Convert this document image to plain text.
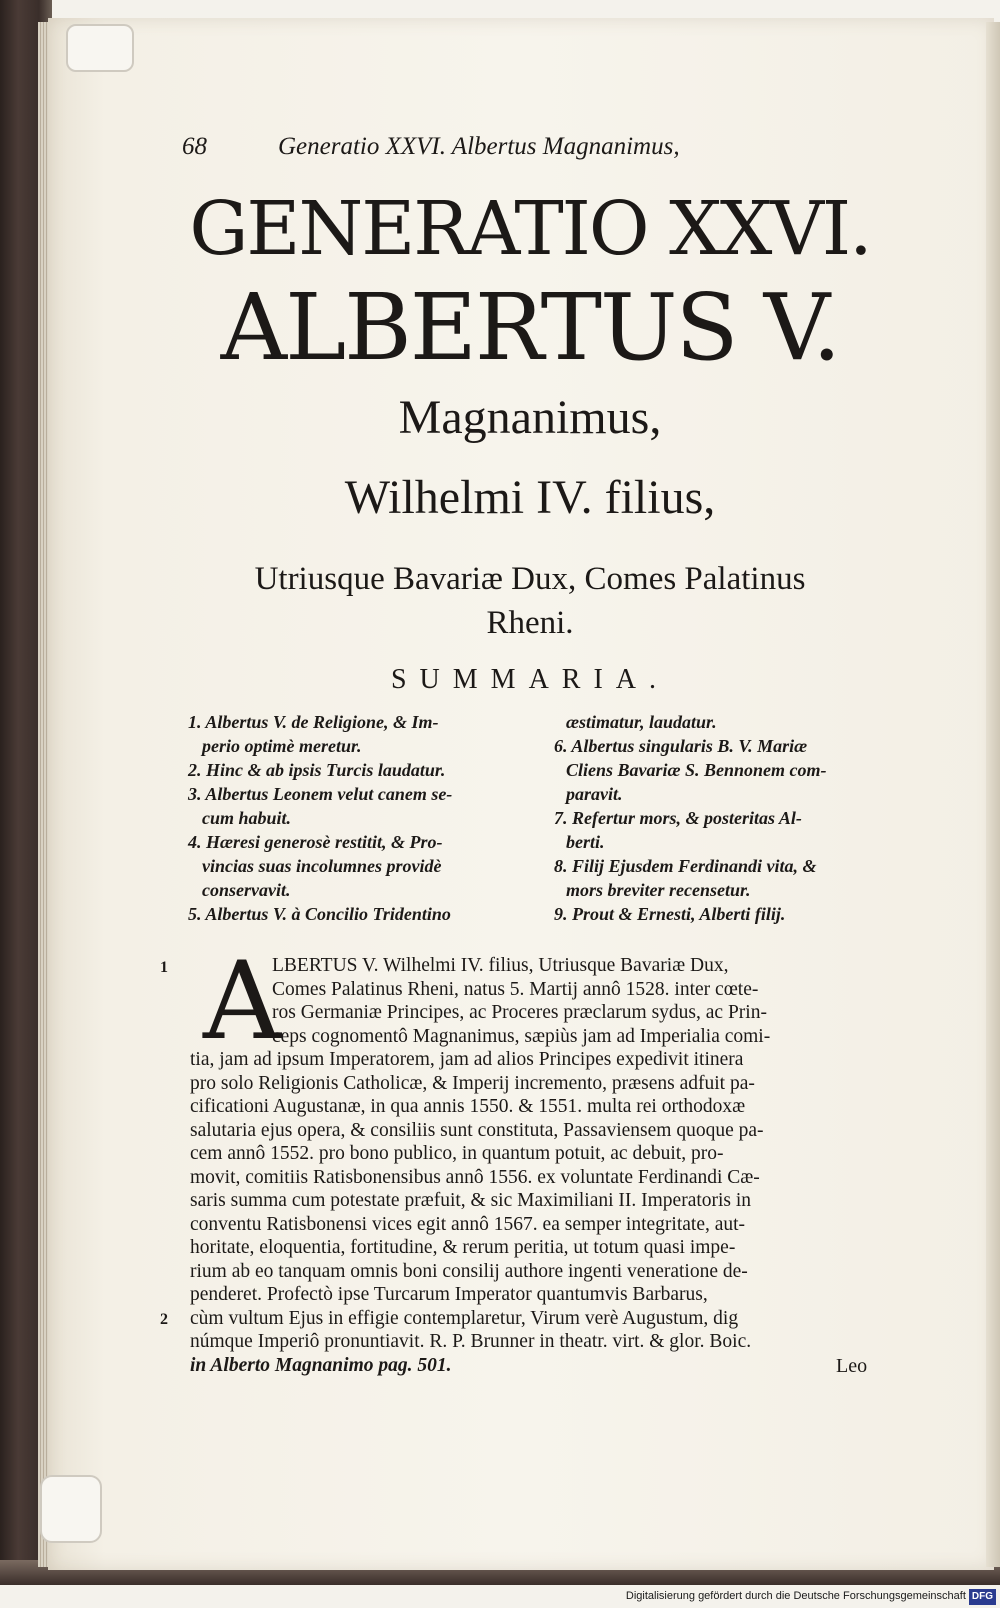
68	Generatio XXVI. Albertus Magnanimus,
GENERATIO XXVI.
ALBERTUS V.
Magnanimus,
Wilhelmi IV. filius,
Utriusque Bavariæ Dux, Comes Palatinus
Rheni.
SUMMARIA.
1. Albertus V. de Religione, & Im-
perio optimè meretur.
2. Hinc & ab ipsis Turcis laudatur.
3. Albertus Leonem velut canem se-
cum habuit.
4. Hæresi generosè restitit, & Pro-
vincias suas incolumnes providè
conservavit.
5. Albertus V. à Concilio Tridentino
æstimatur, laudatur.
6. Albertus singularis B. V. Mariæ
Cliens Bavariæ S. Bennonem com-
paravit.
7. Refertur mors, & posteritas Al-
berti.
8. Filij Ejusdem Ferdinandi vita, &
mors breviter recensetur.
9. Prout & Ernesti, Alberti filij.
1
2
A
LBERTUS V. Wilhelmi IV. filius, Utriusque Bavariæ Dux,
Comes Palatinus Rheni, natus 5. Martij annô 1528. inter cœte-
ros Germaniæ Principes, ac Proceres præclarum sydus, ac Prin-
ceps cognomentô Magnanimus, sæpiùs jam ad Imperialia comi-
tia, jam ad ipsum Imperatorem, jam ad alios Principes expedivit itinera
pro solo Religionis Catholicæ, & Imperij incremento, præsens adfuit pa-
cificationi Augustanæ, in qua annis 1550. & 1551. multa rei orthodoxæ
salutaria ejus opera, & consiliis sunt constituta, Passaviensem quoque pa-
cem annô 1552. pro bono publico, in quantum potuit, ac debuit, pro-
movit, comitiis Ratisbonensibus annô 1556. ex voluntate Ferdinandi Cæ-
saris summa cum potestate præfuit, & sic Maximiliani II. Imperatoris in
conventu Ratisbonensi vices egit annô 1567. ea semper integritate, aut-
horitate, eloquentia, fortitudine, & rerum peritia, ut totum quasi impe-
rium ab eo tanquam omnis boni consilij authore ingenti veneratione de-
penderet. Profectò ipse Turcarum Imperator quantumvis Barbarus,
cùm vultum Ejus in effigie contemplaretur, Virum verè Augustum, dig
númque Imperiô pronuntiavit. R. P. Brunner in theatr. virt. & glor. Boic.
in Alberto Magnanimo pag. 501.	Leo
Digitalisierung gefördert durch die Deutsche Forschungsgemeinschaft DFG
